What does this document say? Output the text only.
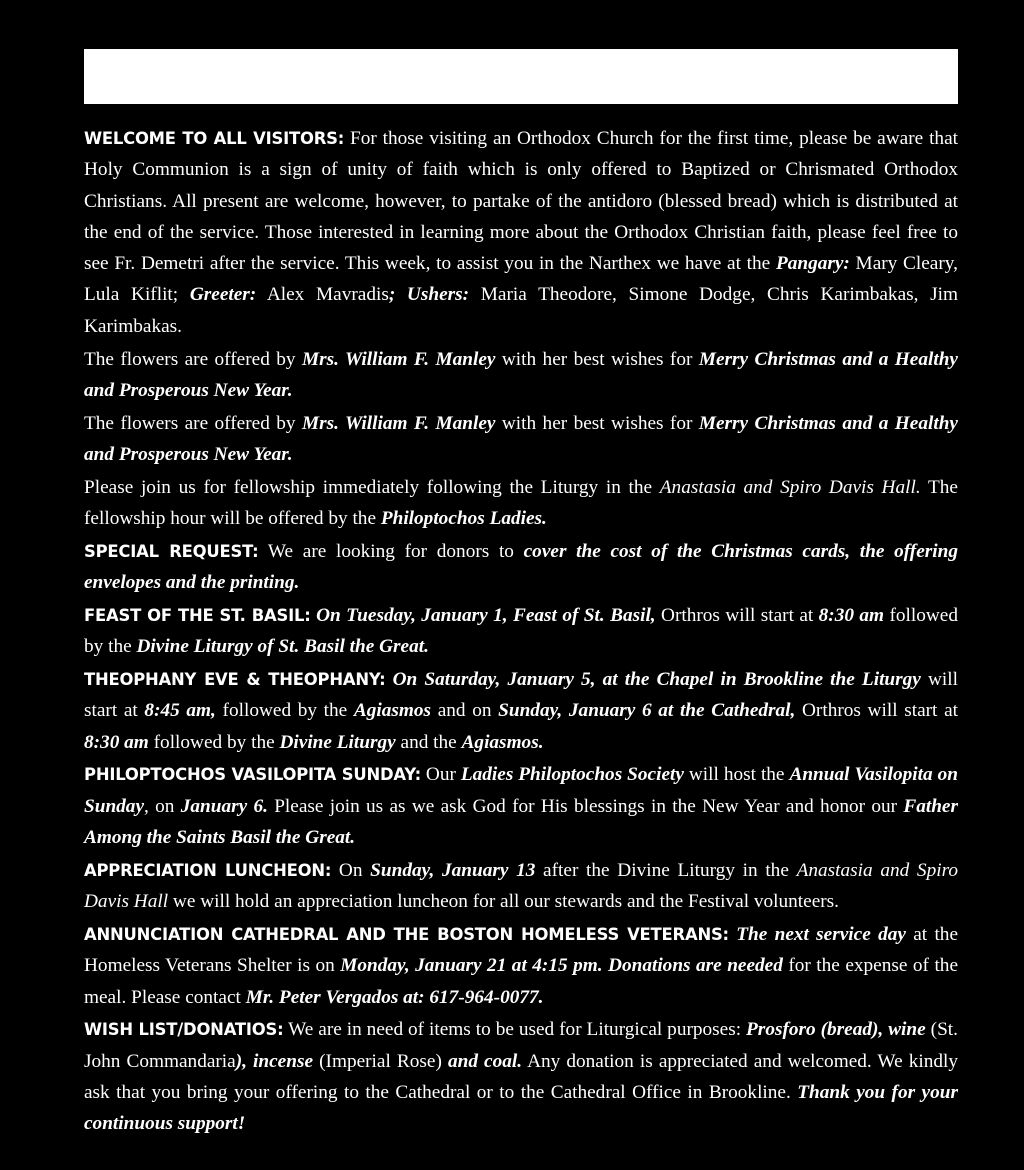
WELCOME TO ALL VISITORS: For those visiting an Orthodox Church for the first time, please be aware that Holy Communion is a sign of unity of faith which is only offered to Baptized or Chrismated Orthodox Christians. All present are welcome, however, to partake of the antidoro (blessed bread) which is distributed at the end of the service. Those interested in learning more about the Orthodox Christian faith, please feel free to see Fr. Demetri after the service. This week, to assist you in the Narthex we have at the Pangary: Mary Cleary, Lula Kiflit; Greeter: Alex Mavradis; Ushers: Maria Theodore, Simone Dodge, Chris Karimbakas, Jim Karimbakas.

The flowers are offered by Mrs. William F. Manley with her best wishes for Merry Christmas and a Healthy and Prosperous New Year.

The flowers are offered by Mrs. William F. Manley with her best wishes for Merry Christmas and a Healthy and Prosperous New Year.

Please join us for fellowship immediately following the Liturgy in the Anastasia and Spiro Davis Hall. The fellowship hour will be offered by the Philoptochos Ladies.

SPECIAL REQUEST: We are looking for donors to cover the cost of the Christmas cards, the offering envelopes and the printing.

FEAST OF THE ST. BASIL: On Tuesday, January 1, Feast of St. Basil, Orthros will start at 8:30 am followed by the Divine Liturgy of St. Basil the Great.

THEOPHANY EVE & THEOPHANY: On Saturday, January 5, at the Chapel in Brookline the Liturgy will start at 8:45 am, followed by the Agiasmos and on Sunday, January 6 at the Cathedral, Orthros will start at 8:30 am followed by the Divine Liturgy and the Agiasmos.

PHILOPTOCHOS VASILOPITA SUNDAY: Our Ladies Philoptochos Society will host the Annual Vasilopita on Sunday, on January 6. Please join us as we ask God for His blessings in the New Year and honor our Father Among the Saints Basil the Great.

APPRECIATION LUNCHEON: On Sunday, January 13 after the Divine Liturgy in the Anastasia and Spiro Davis Hall we will hold an appreciation luncheon for all our stewards and the Festival volunteers.

ANNUNCIATION CATHEDRAL AND THE BOSTON HOMELESS VETERANS: The next service day at the Homeless Veterans Shelter is on Monday, January 21 at 4:15 pm. Donations are needed for the expense of the meal. Please contact Mr. Peter Vergados at: 617-964-0077.

WISH LIST/DONATIOS: We are in need of items to be used for Liturgical purposes: Prosforo (bread), wine (St. John Commandaria), incense (Imperial Rose) and coal. Any donation is appreciated and welcomed. We kindly ask that you bring your offering to the Cathedral or to the Cathedral Office in Brookline. Thank you for your continuous support!
